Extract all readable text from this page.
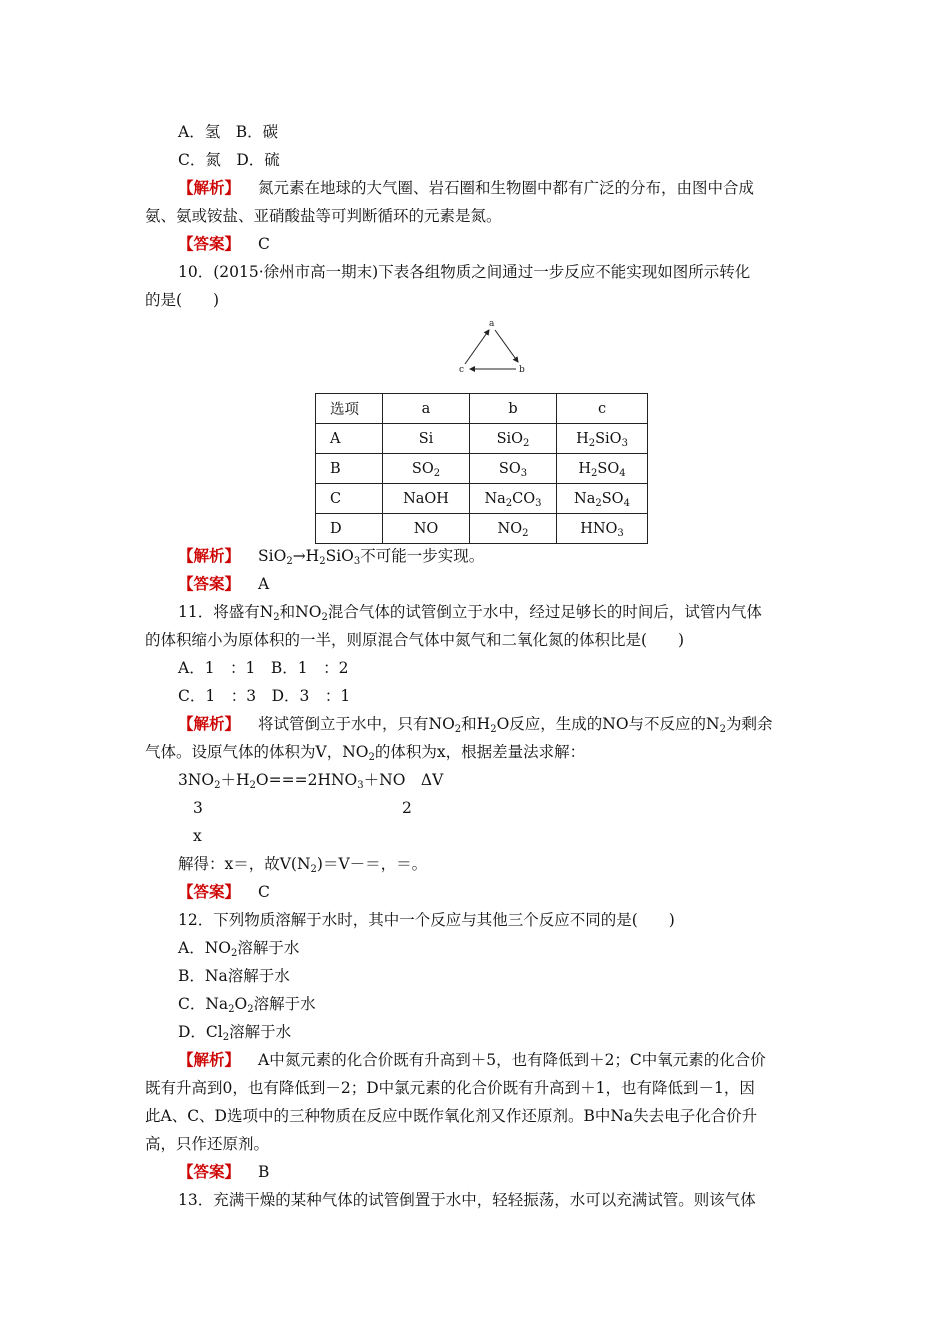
A．氢　B．碳
C．氮　D．硫
【解析】 氮元素在地球的大气圈、岩石圈和生物圈中都有广泛的分布，由图中合成
氨、氨或铵盐、亚硝酸盐等可判断循环的元素是氮。
【答案】 C
10．(2015·徐州市高一期末)下表各组物质之间通过一步反应不能实现如图所示转化
的是(　　)
a
b
c
选项	a	b	c
A	Si	SiO$_2$	$H_2SiO_3$
B	$SO_2$	$SO_3$	$H_2SO_4$
C	NaOH	$Na_2CO_3$	$Na_2SO_4$
D	NO	$NO_2$	$HNO_3$
【解析】 $SiO_2\to H_2SiO_3$不可能一步实现。
【答案】 A
11．将盛有$N_2$和$NO_2$混合气体的试管倒立于水中，经过足够长的时间后，试管内气体
的体积缩小为原体积的一半，则原混合气体中氮气和二氧化氮的体积比是(　　)
A．1　：1　B．1　：2
C．1　：3　D．3　：1
【解析】 将试管倒立于水中，只有$NO_2$和$H_2O$反应，生成的NO与不反应的$N_2$为剩余
气体。设原气体的体积为V，$NO_2$的体积为x，根据差量法求解：
$3NO_2+H_2O===2HNO_3+NO$　ΔV
3	2
x
解得：x＝，故$V(N_2)=V-=$，＝。
【答案】 C
12．下列物质溶解于水时，其中一个反应与其他三个反应不同的是(　　)
A．$NO_2$溶解于水
B．Na溶解于水
C．$Na_2O_2$溶解于水
D．$Cl_2$溶解于水
【解析】 A中氮元素的化合价既有升高到＋5，也有降低到＋2；C中氧元素的化合价
既有升高到0，也有降低到－2；D中氯元素的化合价既有升高到＋1，也有降低到－1，因
此A、C、D选项中的三种物质在反应中既作氧化剂又作还原剂。B中Na失去电子化合价升
高，只作还原剂。
【答案】 B
13．充满干燥的某种气体的试管倒置于水中，轻轻振荡，水可以充满试管。则该气体
